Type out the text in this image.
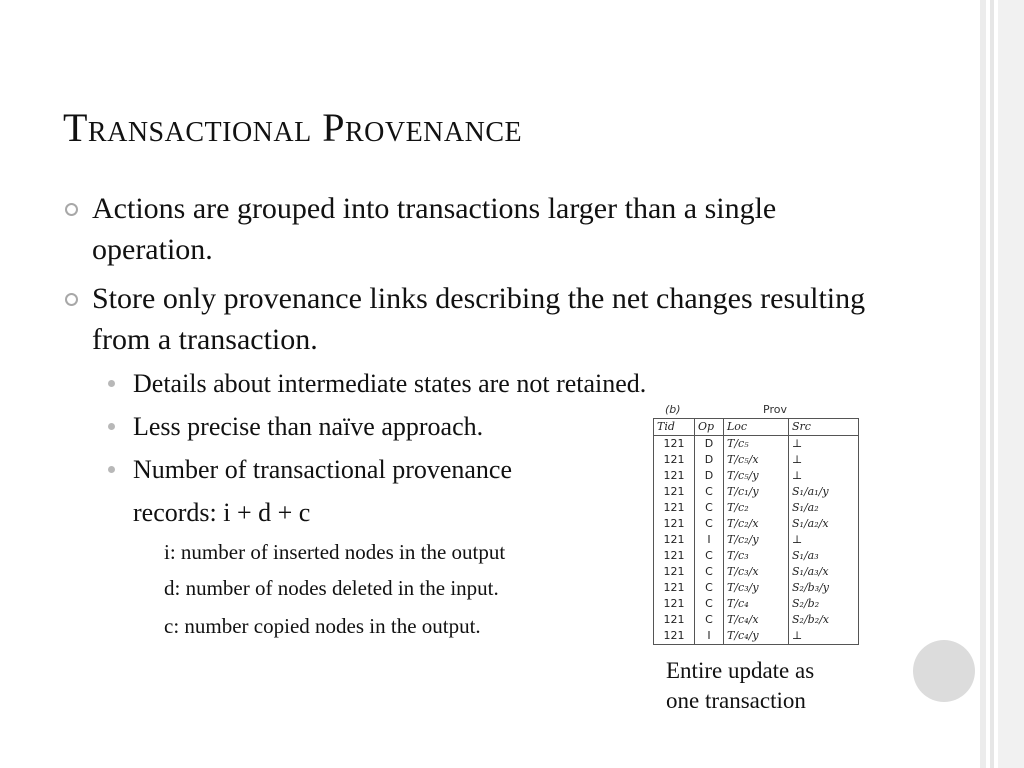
Transactional Provenance
Actions are grouped into transactions larger than a single operation.
Store only provenance links describing the net changes resulting from a transaction.
Details about intermediate states are not retained.
Less precise than naïve approach.
Number of transactional provenance
records: i + d + c
i: number of inserted nodes in the output
d: number of nodes deleted in the input.
c: number copied nodes in the output.
(b)	Prov
Tid	Op	Loc	Src
121	D	T/c₅	⊥
121	D	T/c₅/x	⊥
121	D	T/c₅/y	⊥
121	C	T/c₁/y	S₁/a₁/y
121	C	T/c₂	S₁/a₂
121	C	T/c₂/x	S₁/a₂/x
121	I	T/c₂/y	⊥
121	C	T/c₃	S₁/a₃
121	C	T/c₃/x	S₁/a₃/x
121	C	T/c₃/y	S₂/b₃/y
121	C	T/c₄	S₂/b₂
121	C	T/c₄/x	S₂/b₂/x
121	I	T/c₄/y	⊥
Entire update as
one transaction
